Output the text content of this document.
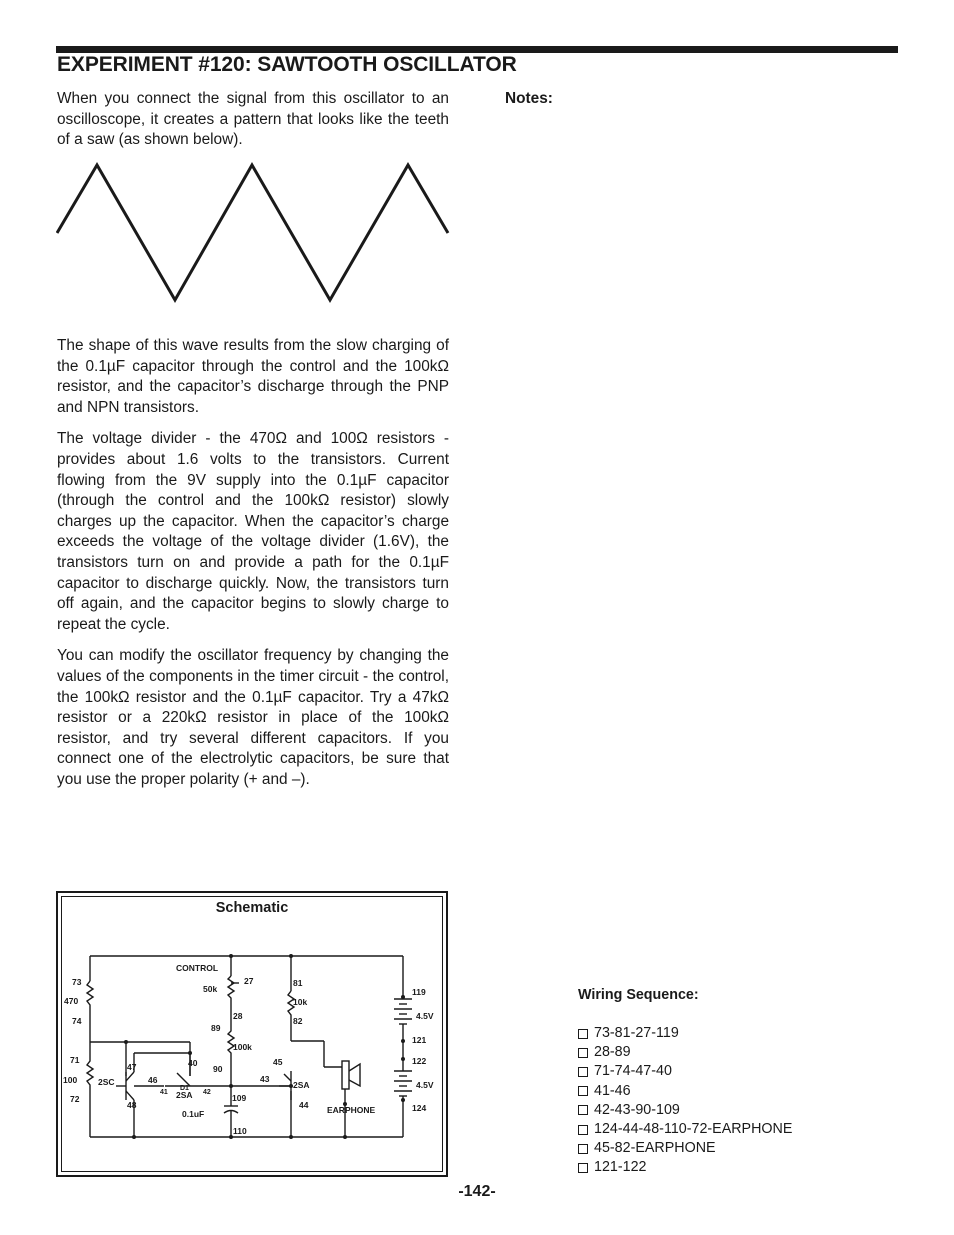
EXPERIMENT #120: SAWTOOTH OSCILLATOR

When you connect the signal from this oscillator to an oscilloscope, it creates a pattern that looks like the teeth of a saw (as shown below).

Notes:

The shape of this wave results from the slow charging of the 0.1µF capacitor through the control and the 100kΩ resistor, and the capacitor’s discharge through the PNP and NPN transistors.

The voltage divider - the 470Ω and 100Ω resistors - provides about 1.6 volts to the transistors. Current flowing from the 9V supply into the 0.1µF capacitor (through the control and the 100kΩ resistor) slowly charges up the capacitor. When the capacitor’s charge exceeds the voltage of the voltage divider (1.6V), the transistors turn on and provide a path for the 0.1µF capacitor to discharge quickly. Now, the transistors turn off again, and the capacitor begins to slowly charge to repeat the cycle.

You can modify the oscillator frequency by changing the values of the components in the timer circuit - the control, the 100kΩ resistor and the 0.1µF capacitor. Try a 47kΩ resistor or a 220kΩ resistor in place of the 100kΩ resistor, and try several different capacitors. If you connect one of the electrolytic capacitors, be sure that you use the proper polarity (+ and –).

Schematic
CONTROL
50k
27
28
89
100k
90
81
10k
82
73
470
74
71
100
72
2SC
47
48
46
41
40
D1
2SA 42
43
45
2SA
44
109
0.1uF
110
EARPHONE
119
4.5V
121
122
4.5V
124
Wiring Sequence:
73-81-27-119
28-89
71-74-47-40
41-46
42-43-90-109
124-44-48-110-72-EARPHONE
45-82-EARPHONE
121-122
-142-
